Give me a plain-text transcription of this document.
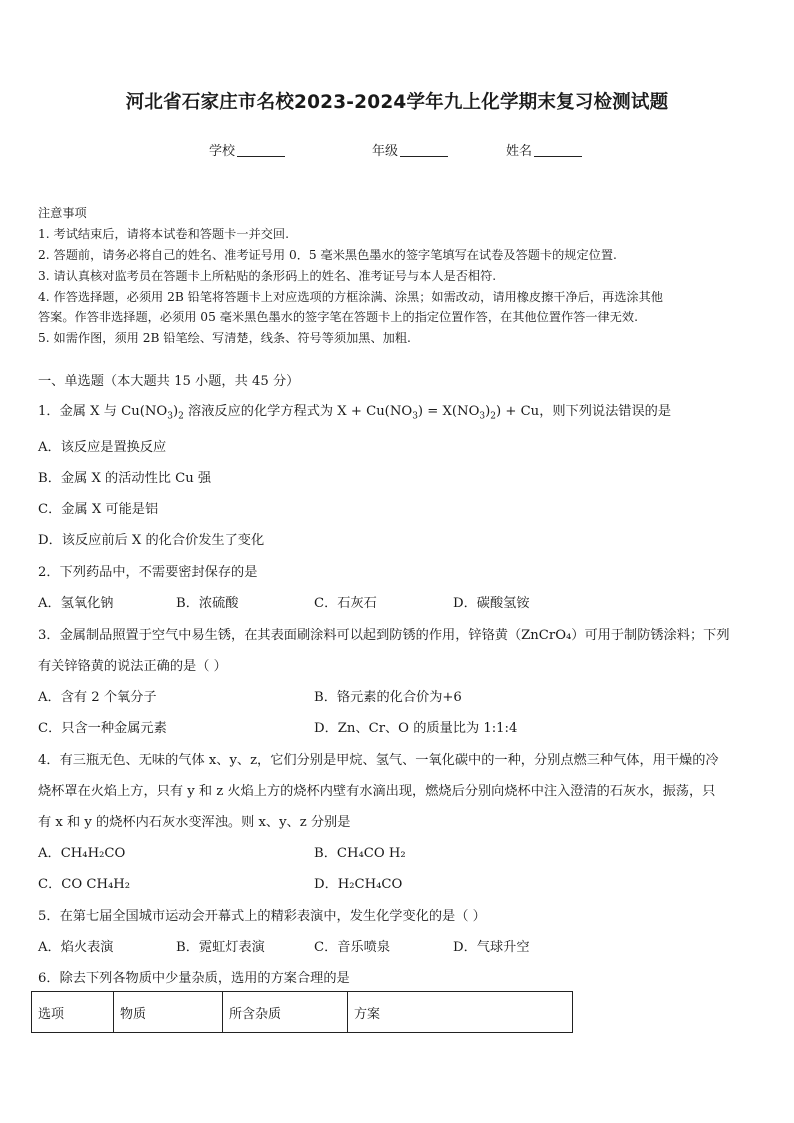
河北省石家庄市名校2023-2024学年九上化学期末复习检测试题
学校	年级	姓名
注意事项
1. 考试结束后，请将本试卷和答题卡一并交回.
2. 答题前，请务必将自己的姓名、准考证号用 0．5 毫米黑色墨水的签字笔填写在试卷及答题卡的规定位置.
3. 请认真核对监考员在答题卡上所粘贴的条形码上的姓名、准考证号与本人是否相符.
4. 作答选择题，必须用 2B 铅笔将答题卡上对应选项的方框涂满、涂黑；如需改动，请用橡皮擦干净后，再选涂其他
答案。作答非选择题，必须用 05 毫米黑色墨水的签字笔在答题卡上的指定位置作答，在其他位置作答一律无效.
5. 如需作图，须用 2B 铅笔绘、写清楚，线条、符号等须加黑、加粗.
一、单选题（本大题共 15 小题，共 45 分）
1．金属 X 与 $Cu(NO_3)_2$ 溶液反应的化学方程式为 $X + Cu(NO_3) = X(NO_3)_2) + Cu$，则下列说法错误的是
A．该反应是置换反应
B．金属 X 的活动性比 Cu 强
C．金属 X 可能是铝
D．该反应前后 X 的化合价发生了变化
2．下列药品中，不需要密封保存的是
A．氢氧化钠	B．浓硫酸	C．石灰石	D．碳酸氢铵
3．金属制品照置于空气中易生锈，在其表面刷涂料可以起到防锈的作用，锌铬黄（ZnCrO₄）可用于制防锈涂料；下列
有关锌铬黄的说法正确的是（ ）
A．含有 2 个氧分子	B．铬元素的化合价为+6
C．只含一种金属元素	D．Zn、Cr、O 的质量比为 1:1:4
4．有三瓶无色、无味的气体 x、y、z，它们分别是甲烷、氢气、一氧化碳中的一种，分别点燃三种气体，用干燥的冷
烧杯罩在火焰上方，只有 y 和 z 火焰上方的烧杯内壁有水滴出现，燃烧后分别向烧杯中注入澄清的石灰水，振荡，只
有 x 和 y 的烧杯内石灰水变浑浊。则 x、y、z 分别是
A．CH₄H₂CO	B．CH₄CO H₂
C．CO CH₄H₂	D．H₂CH₄CO
5．在第七届全国城市运动会开幕式上的精彩表演中，发生化学变化的是（ ）
A．焰火表演	B．霓虹灯表演	C．音乐喷泉	D．气球升空
6．除去下列各物质中少量杂质，选用的方案合理的是
选项	物质	所含杂质	方案
